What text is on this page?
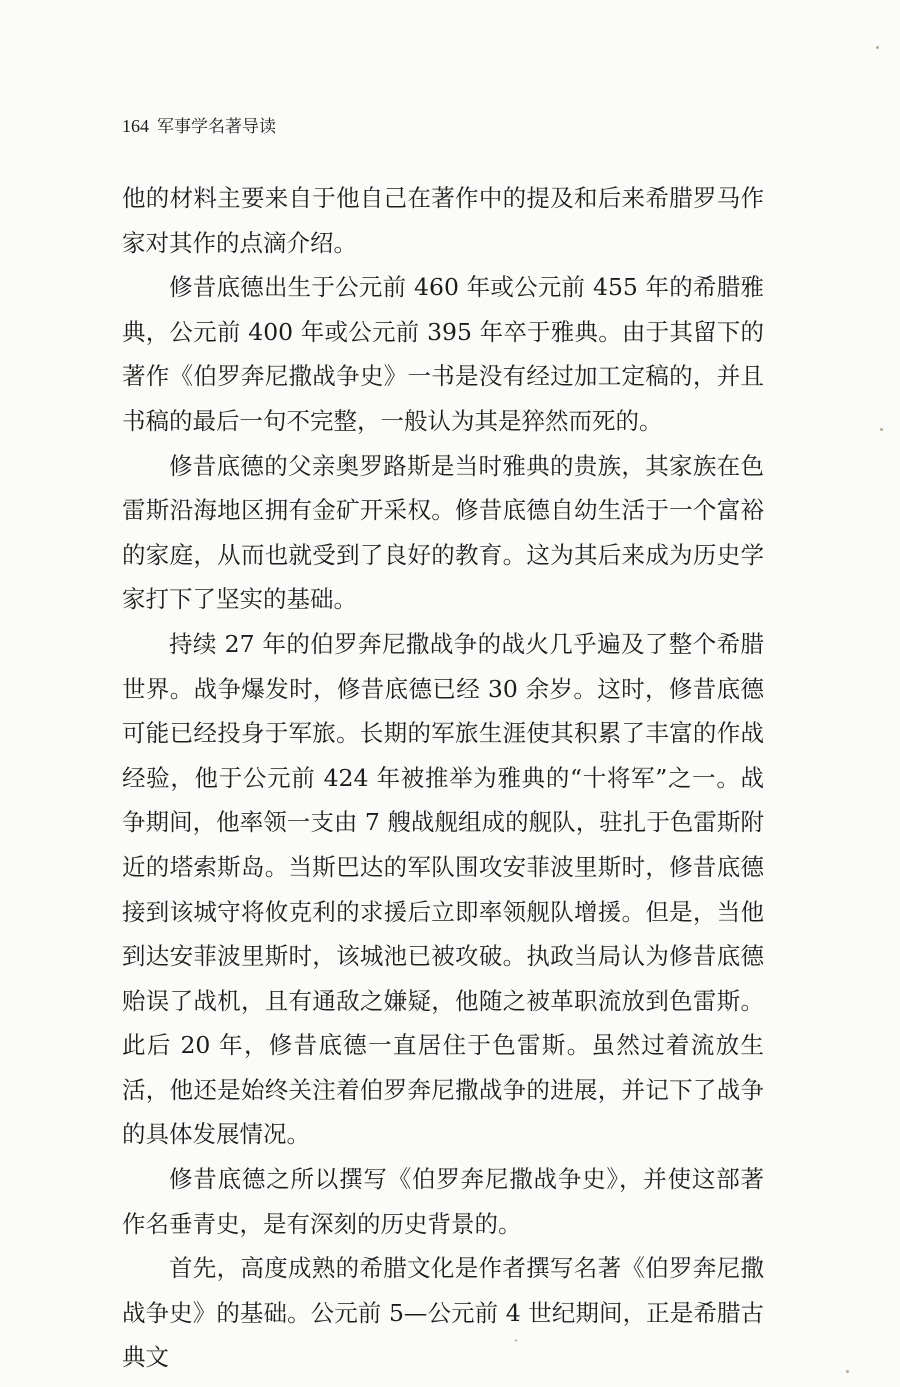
164 军事学名著导读

他的材料主要来自于他自己在著作中的提及和后来希腊罗马作家对其作的点滴介绍。

修昔底德出生于公元前 460 年或公元前 455 年的希腊雅典，公元前 400 年或公元前 395 年卒于雅典。由于其留下的著作《伯罗奔尼撒战争史》一书是没有经过加工定稿的，并且书稿的最后一句不完整，一般认为其是猝然而死的。

修昔底德的父亲奥罗路斯是当时雅典的贵族，其家族在色雷斯沿海地区拥有金矿开采权。修昔底德自幼生活于一个富裕的家庭，从而也就受到了良好的教育。这为其后来成为历史学家打下了坚实的基础。

持续 27 年的伯罗奔尼撒战争的战火几乎遍及了整个希腊世界。战争爆发时，修昔底德已经 30 余岁。这时，修昔底德可能已经投身于军旅。长期的军旅生涯使其积累了丰富的作战经验，他于公元前 424 年被推举为雅典的“十将军”之一。战争期间，他率领一支由 7 艘战舰组成的舰队，驻扎于色雷斯附近的塔索斯岛。当斯巴达的军队围攻安菲波里斯时，修昔底德接到该城守将攸克利的求援后立即率领舰队增援。但是，当他到达安菲波里斯时，该城池已被攻破。执政当局认为修昔底德贻误了战机，且有通敌之嫌疑，他随之被革职流放到色雷斯。此后 20 年，修昔底德一直居住于色雷斯。虽然过着流放生活，他还是始终关注着伯罗奔尼撒战争的进展，并记下了战争的具体发展情况。

修昔底德之所以撰写《伯罗奔尼撒战争史》，并使这部著作名垂青史，是有深刻的历史背景的。

首先，高度成熟的希腊文化是作者撰写名著《伯罗奔尼撒战争史》的基础。公元前 5—公元前 4 世纪期间，正是希腊古典文

ˎ
